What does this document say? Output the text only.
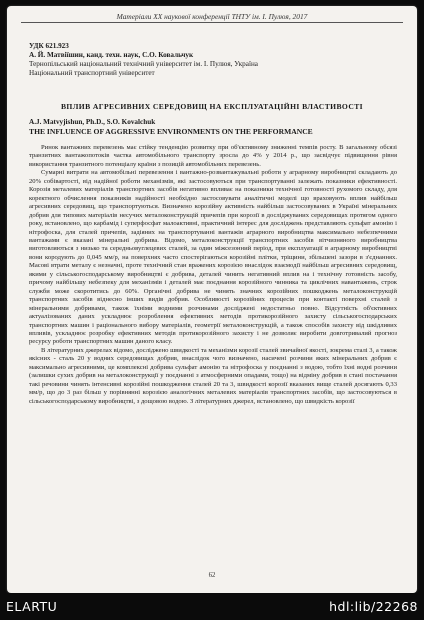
Матеріали XX наукової конференції ТНТУ ім. І. Пулюя, 2017
УДК 621.923
А. Й. Матвіїшин, канд. техн. наук, С.О. Ковальчук
Тернопільський національний технічний університет ім. І. Пулюя, Україна
Національний транспортний університет
ВПЛИВ АГРЕСИВНИХ СЕРЕДОВИЩ НА ЕКСПЛУАТАЦІЙНІ ВЛАСТИВОСТІ
A.J. Matvyjishun, Ph.D., S.O. Kovalchuk
THE INFLUENCE OF AGGRESSIVE ENVIRONMENTS ON THE PERFORMANCE

Ринок вантажних перевезень має стійку тенденцію розвитку при об'єктивному зниженні темпів росту. В загальному обсязі транзитних вантажопотоків частка автомобільного транспорту зросла до 4% у 2014 р., що засвідчує підвищення рівня використання транзитного потенціалу країни з позицій автомобільних перевезень.

Сумарні витрати на автомобільні перевезення і вантажно-розвантажувальні роботи у аграрному виробництві складають до 20% собівартості, від надійної роботи механізмів, які застосовуються при транспортуванні залежать показники ефективності. Корозія металевих матеріалів транспортних засобів негативно впливає на показники технічної готовності рухомого складу, для коректного обчислення показників надійності необхідно застосовувати аналітичні моделі що враховують вплив найбільш агресивних середовищ, що транспортуються. Визначено корозійну активність найбільш застосовуваних в Україні мінеральних добрив для типових матеріалів несучих металоконструкцій причепів при корозії в досліджуваних середовищах протягом одного року, встановлено, що карбамід і суперфосфат малоактивні, практичний інтерес для досліджень представляють сульфат амонію і нітрофоска, для сталей причепів, задіяних на транспортуванні вантажів аграрного виробництва максимально небезпечними вантажами є вказані мінеральні добрива. Відомо, металоконструкції транспортних засобів вітчизняного виробництва виготовляються з низько та середньовуглецевих сталей, за один міжсезонний період, при експлуатації в аграрному виробництві вони кородують до 0,045 мм/р, на поверхнях часто спостерігаються корозійні плітки, тріщини, збільшені зазори в з'єднаннях. Масові втрати металу є незначні, проте технічний стан вражених корозією внаслідок взаємодії найбільш агресивних середовищ, якими у сільськогосподарському виробництві є добрива, деталей чинить негативний вплив на і технічну готовність засобу, причому найбільшу небезпеку для механізмів і деталей має поєднання корозійного чинника та циклічних навантажень, строк служби може скоротитись до 60%. Органічні добрива не чинять значних корозійних пошкоджень металоконструкцій транспортних засобів віднесно інших видів добрив. Особливості корозійних процесів при контакті поверхні сталей з мінеральними добривами, також їхніми водними розчинами досліджені недостатньо повно. Відсутність об'єктивних актуалізованих даних ускладнює розроблення ефективних методів протикорозійного захисту сільськогосподарських транспортних машин і раціонального вибору матеріалів, геометрії металоконструкцій, а також способів захисту від шкідливих впливів, ускладнює розробку ефективних методів протикорозійного захисту і не дозволяє виробити довготривалий прогноз ресурсу роботи транспортних машин даного класу.

В літературних джерелах відомо, досліджено швидкості та механізми корозії сталей звичайної якості, зокрема сталі 3, а також якісних - сталь 20 у водних середовищах добрив, внаслідок чого визначено, насичені розчини яких мінеральних добрив є максимально агресивними, це комплексні добрива сульфат амонію та нітрофоска у поєднанні з водою, тобто їхні водні розчини (залишки сухих добрив на металоконструкції у поєднанні з атмосферними опадами, тощо) на відміну добрив в стані постачання такі речовини чинять інтенсивні корозійні пошкодження сталей 20 та 3, швидкості корозії вказаних вище сталей досягають 0,33 мм/р, що до 3 раз більш у порівнянні корозією аналогічних металевих матеріалів транспортних засобів, що застосовуються в сільськогосподарському виробництві, з дощовою водою. З літературних джерел, встановлено, що швидкість корозії

62
ELARTU	hdl:lib/22268
